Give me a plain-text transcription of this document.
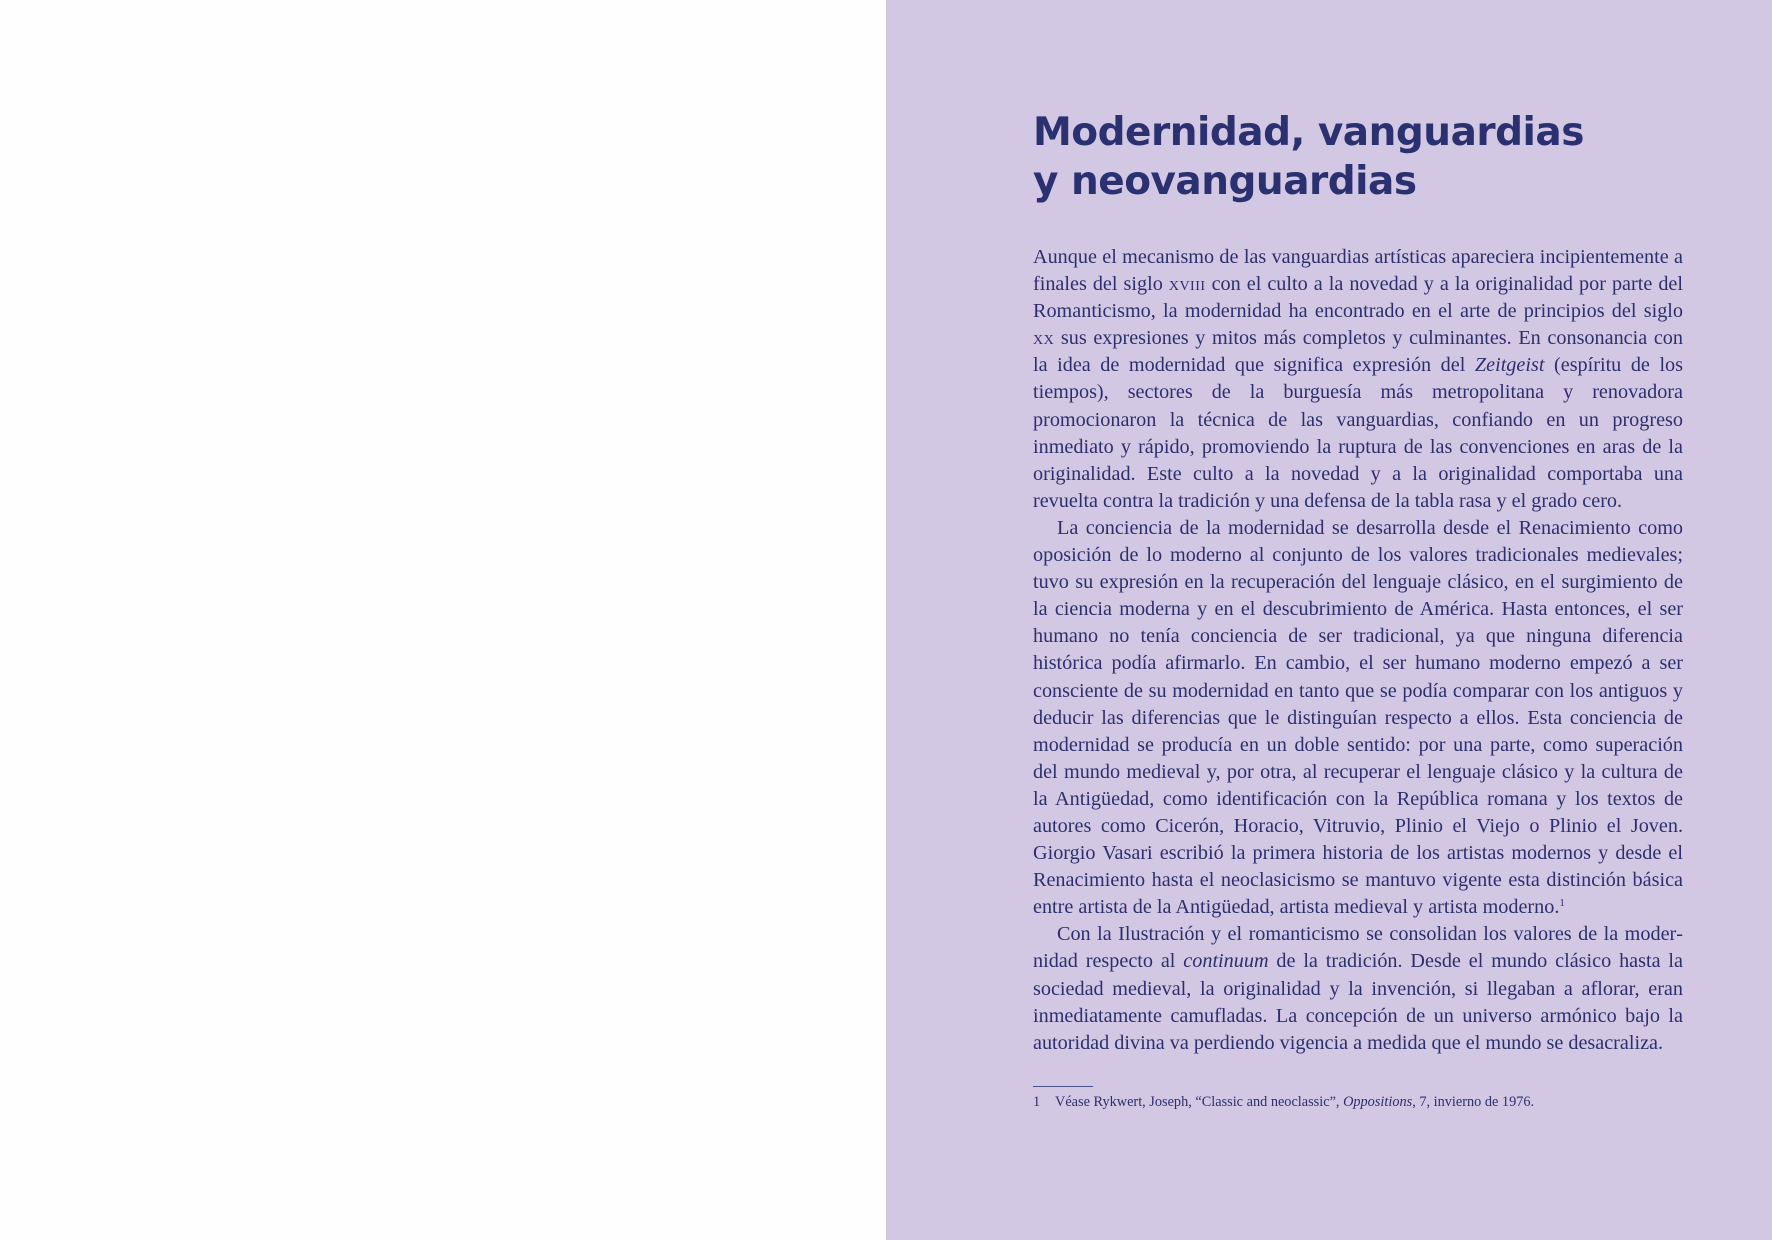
Modernidad, vanguardias
y neovanguardias

Aunque el mecanismo de las vanguardias artísticas apareciera incipientemente a finales del siglo xviii con el culto a la novedad y a la originalidad por parte del Romanticismo, la modernidad ha encontrado en el arte de principios del siglo xx sus expresiones y mitos más completos y culminantes. En consonancia con la idea de modernidad que significa expresión del Zeitgeist (espíritu de los tiempos), sectores de la burguesía más metropolitana y renovadora promocionaron la técnica de las vanguardias, confiando en un progreso inmediato y rápido, promoviendo la ruptura de las convenciones en aras de la originalidad. Este culto a la novedad y a la originalidad comportaba una revuelta contra la tradición y una defensa de la tabla rasa y el grado cero.

La conciencia de la modernidad se desarrolla desde el Renacimiento como oposición de lo moderno al conjunto de los valores tradicionales medievales; tuvo su expresión en la recuperación del lenguaje clásico, en el surgimiento de la ciencia moderna y en el descubrimiento de América. Hasta entonces, el ser humano no tenía conciencia de ser tradicional, ya que ninguna diferencia histórica podía afirmarlo. En cambio, el ser humano moderno empezó a ser consciente de su modernidad en tanto que se podía comparar con los antiguos y deducir las diferencias que le distinguían respecto a ellos. Esta conciencia de modernidad se producía en un doble sentido: por una parte, como superación del mundo medieval y, por otra, al recuperar el lenguaje clásico y la cultura de la Antigüedad, como identificación con la República romana y los textos de autores como Cicerón, Horacio, Vitruvio, Plinio el Viejo o Plinio el Joven. Giorgio Vasari escribió la primera historia de los artistas modernos y desde el Renacimiento hasta el neoclasicismo se mantuvo vigente esta distinción básica entre artista de la Antigüedad, artista medieval y artista moderno.$^1$

Con la Ilustración y el romanticismo se consolidan los valores de la modernidad respecto al continuum de la tradición. Desde el mundo clásico hasta la sociedad medieval, la originalidad y la invención, si llegaban a aflorar, eran inmediatamente camufladas. La concepción de un universo armónico bajo la autoridad divina va perdiendo vigencia a medida que el mundo se desacraliza.

1	Véase Rykwert, Joseph, “Classic and neoclassic”, Oppositions, 7, invierno de 1976.
